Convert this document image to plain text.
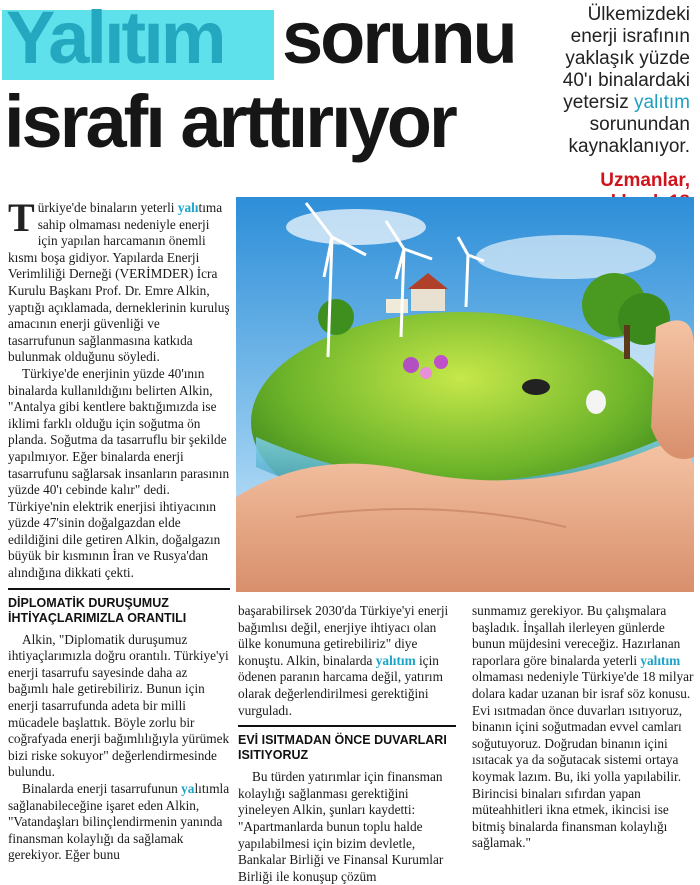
Yalıtım sorunu
israfı arttırıyor
Ülkemizdeki
enerji israfının
yaklaşık yüzde
40'ı binalardaki
yetersiz yalıtım
sorunundan
kaynaklanıyor.
Uzmanlar,

Türkiye'de binaların yeterli yalıtıma sahip olmaması nedeniyle enerji için yapılan harcamanın önemli kısmı boşa gidiyor. Yapılarda Enerji Verimliliği Derneği (VERİMDER) İcra Kurulu Başkanı Prof. Dr. Emre Alkin, yaptığı açıklamada, derneklerinin kuruluş amacının enerji güvenliği ve tasarrufunun sağlanmasına katkıda bulunmak olduğunu söyledi.

Türkiye'de enerjinin yüzde 40'ının binalarda kullanıldığını belirten Alkin, "Antalya gibi kentlere baktığımızda ise iklimi farklı olduğu için soğutma ön planda. Soğutma da tasarruflu bir şekilde yapılmıyor. Eğer binalarda enerji tasarrufunu sağlarsak insanların parasının yüzde 40'ı cebinde kalır" dedi. Türkiye'nin elektrik enerjisi ihtiyacının yüzde 47'sinin doğalgazdan elde edildiğini dile getiren Alkin, doğalgazın büyük bir kısmının İran ve Rusya'dan alındığına dikkati çekti.

DİPLOMATİK DURUŞUMUZ İHTİYAÇLARIMIZLA ORANTILI

Alkin, "Diplomatik duruşumuz ihtiyaçlarımızla doğru orantılı. Türkiye'yi enerji tasarrufu sayesinde daha az bağımlı hale getirebiliriz. Bunun için enerji tasarrufunda adeta bir milli mücadele başlattık. Böyle zorlu bir coğrafyada enerji bağımlılığıyla yürümek bizi riske sokuyor" değerlendirmesinde bulundu.

Binalarda enerji tasarrufunun yalıtımla sağlanabileceğine işaret eden Alkin, "Vatandaşları bilinçlendirmenin yanında finansman kolaylığı da sağlamak gerekiyor. Eğer bunu

başarabilirsek 2030'da Türkiye'yi enerji bağımlısı değil, enerjiye ihtiyacı olan ülke konumuna getirebiliriz" diye konuştu. Alkin, binalarda yalıtım için ödenen paranın harcama değil, yatırım olarak değerlendirilmesi gerektiğini vurguladı.

EVİ ISITMADAN ÖNCE DUVARLARI ISITIYORUZ

Bu türden yatırımlar için finansman kolaylığı sağlanması gerektiğini yineleyen Alkin, şunları kaydetti: "Apartmanlarda bunun toplu halde yapılabilmesi için bizim devletle, Bankalar Birliği ve Finansal Kurumlar Birliği ile konuşup çözüm

sunmamız gerekiyor. Bu çalışmalara başladık. İnşallah ilerleyen günlerde bunun müjdesini vereceğiz. Hazırlanan raporlara göre binalarda yeterli yalıtım olmaması nedeniyle Türkiye'de 18 milyar dolara kadar uzanan bir israf söz konusu. Evi ısıtmadan önce duvarları ısıtıyoruz, binanın içini soğutmadan evvel camları soğutuyoruz. Doğrudan binanın içini ısıtacak ya da soğutacak sistemi ortaya koymak lazım. Bu, iki yolla yapılabilir. Birincisi binaları sıfırdan yapan müteahhitleri ikna etmek, ikincisi ise bitmiş binalarda finansman kolaylığı sağlamak."
